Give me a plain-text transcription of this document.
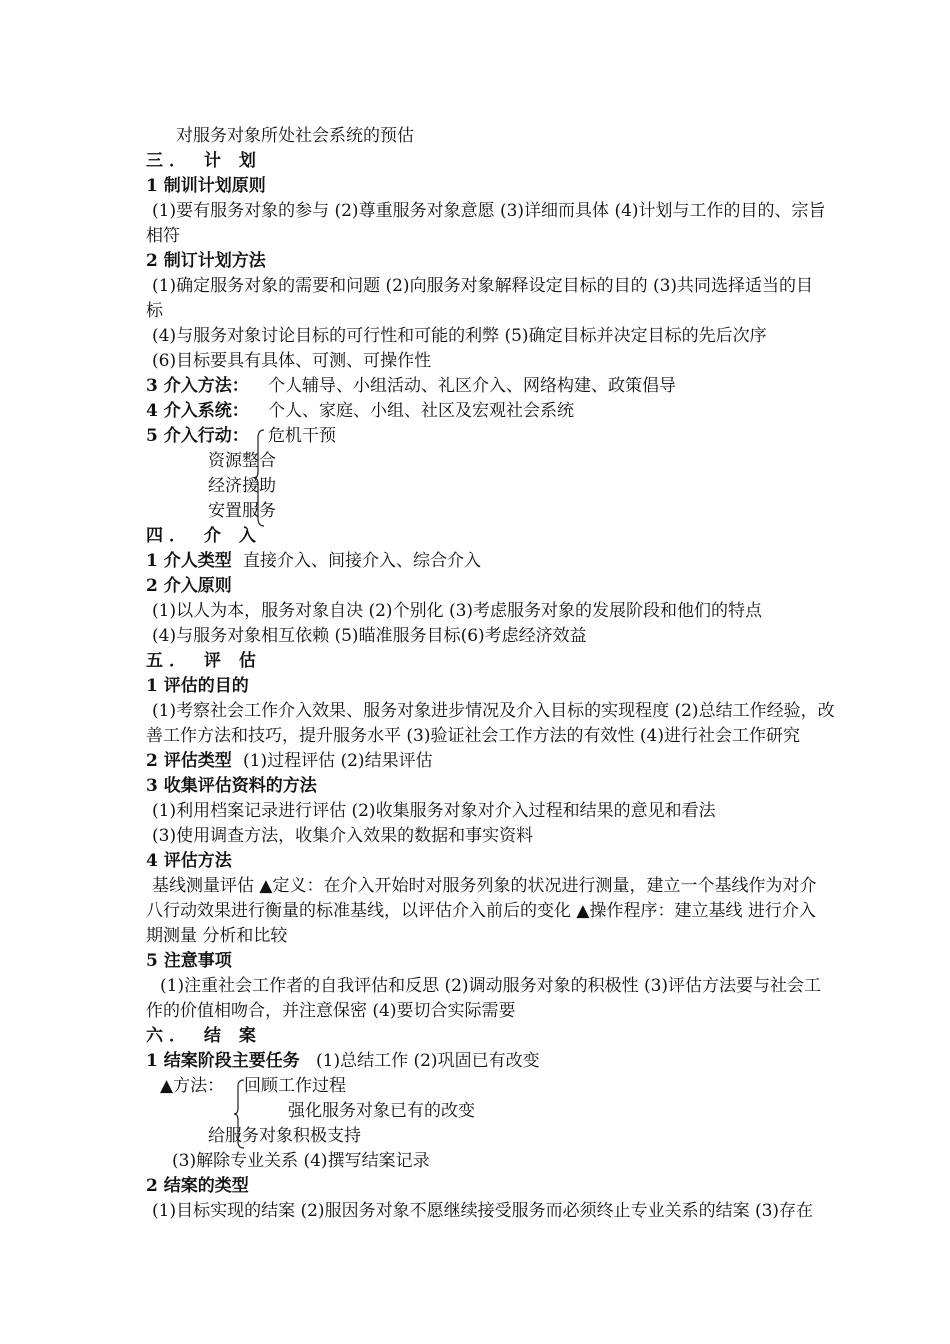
对服务对象所处社会系统的预估
三． 计 划
1 制训计划原则
(1)要有服务对象的参与 (2)尊重服务对象意愿 (3)详细而具体 (4)计划与工作的目的、宗旨
相符
2 制订计划方法
(1)确定服务对象的需要和问题 (2)向服务对象解释设定目标的目的 (3)共同选择适当的目
标
(4)与服务对象讨论目标的可行性和可能的利弊 (5)确定目标并决定目标的先后次序
(6)目标要具有具体、可测、可操作性
3 介入方法： 个人辅导、小组活动、礼区介入、网络构建、政策倡导
4 介入系统： 个人、家庭、小组、社区及宏观社会系统
5 介入行动： 危机干预
资源整合
经济援助
安置服务
四． 介 入
1 介人类型 直接介入、间接介入、综合介入
2 介入原则
(1)以人为本，服务对象自决 (2)个别化 (3)考虑服务对象的发展阶段和他们的特点
(4)与服务对象相互依赖 (5)瞄准服务目标(6)考虑经济效益
五． 评 估
1 评估的目的
(1)考察社会工作介入效果、服务对象进步情况及介入目标的实现程度 (2)总结工作经验，改
善工作方法和技巧，提升服务水平 (3)验证社会工作方法的有效性 (4)进行社会工作研究
2 评估类型 (1)过程评估 (2)结果评估
3 收集评估资料的方法
(1)利用档案记录进行评估 (2)收集服务对象对介入过程和结果的意见和看法
(3)使用调查方法，收集介入效果的数据和事实资料
4 评估方法
基线测量评估 ▲定义：在介入开始时对服务列象的状况进行测量，建立一个基线作为对介
八行动效果进行衡量的标准基线，以评估介入前后的变化 ▲操作程序：建立基线 进行介入
期测量 分析和比较
5 注意事项
(1)注重社会工作者的自我评估和反思 (2)调动服务对象的积极性 (3)评估方法要与社会工
作的价值相吻合，并注意保密 (4)要切合实际需要
六． 结 案
1 结案阶段主要任务 (1)总结工作 (2)巩固已有改变
▲方法： 回顾工作过程
强化服务对象已有的改变
给服务对象积极支持
(3)解除专业关系 (4)撰写结案记录
2 结案的类型
(1)目标实现的结案 (2)服因务对象不愿继续接受服务而必须终止专业关系的结案 (3)存在
